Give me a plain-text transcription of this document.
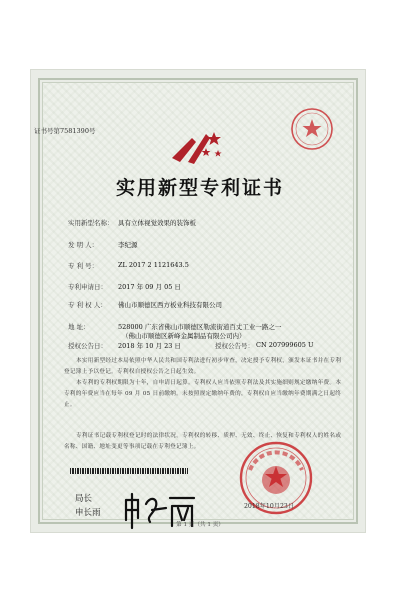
证书号第7581390号
实用新型专利证书
实用新型名称： 具有立体视觉效果的装饰板
发 明 人：	李纪源
专 利 号：	ZL 2017 2 1121643.5
专利申请日： 2017 年 09 月 05 日
专 利 权 人： 佛山市顺德区西方板业科技有限公司
地 址：	528000 广东省佛山市顺德区勒流街道百丈工业一路之一
（佛山市顺德区新峰金属制品有限公司内）
授权公告日： 2018 年 10 月 23 日	授权公告号： CN 207999605 U
本实用新型经过本局依照中华人民共和国专利法进行初步审查，决定授予专利权，颁发本证书并在专利登记簿上予以登记。专利权自授权公告之日起生效。
本专利的专利权期限为十年，自申请日起算。专利权人应当依照专利法及其实施细则规定缴纳年费。本专利的年费应当在每年 09 月 05 日前缴纳。未按照规定缴纳年费的，专利权自应当缴纳年费期满之日起终止。
专利证书记载专利权登记时的法律状况。专利权的转移、质押、无效、终止、恢复和专利权人的姓名或名称、国籍、地址变更等事项记载在专利登记簿上。
局长
申长雨
2018年10月23日
第 1 页（共 1 页）
